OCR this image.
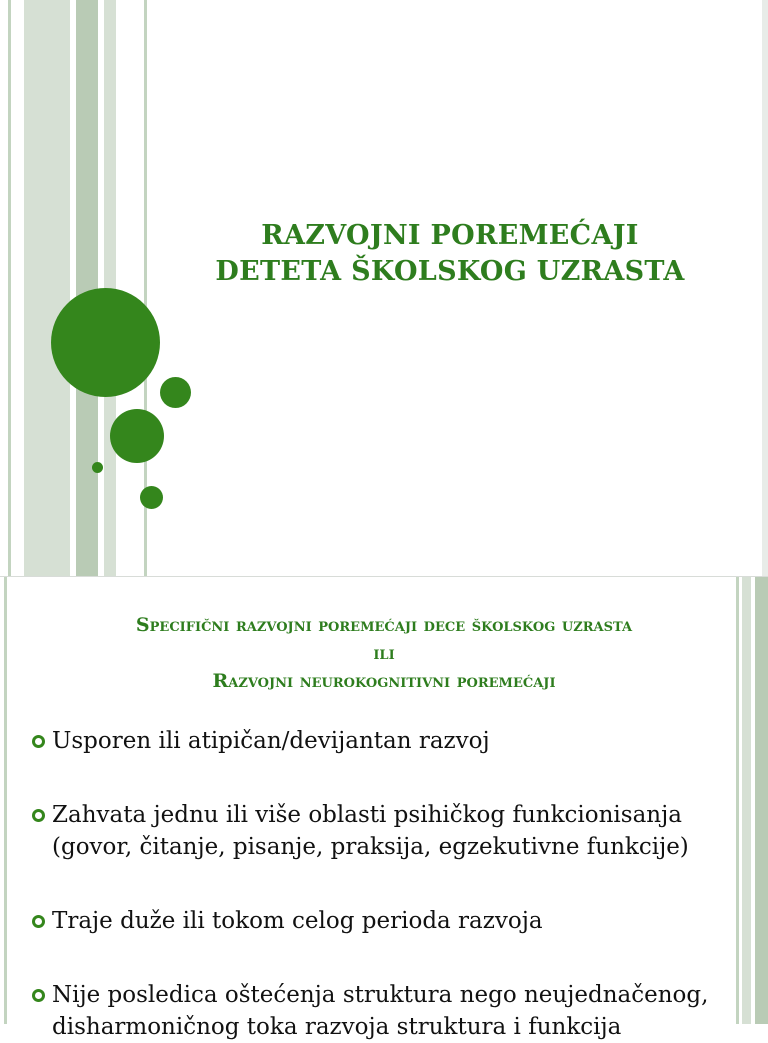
RAZVOJNI POREMEĆAJI
DETETA ŠKOLSKOG UZRASTA
Specifični razvojni poremećaji dece školskog uzrasta
ili
Razvojni neurokognitivni poremećaji
Usporen ili atipičan/devijantan razvoj
Zahvata jednu ili više oblasti psihičkog funkcionisanja
(govor, čitanje, pisanje, praksija, egzekutivne funkcije)
Traje duže ili tokom celog perioda razvoja
Nije posledica oštećenja struktura nego neujednačenog,
disharmoničnog toka razvoja struktura i funkcija
